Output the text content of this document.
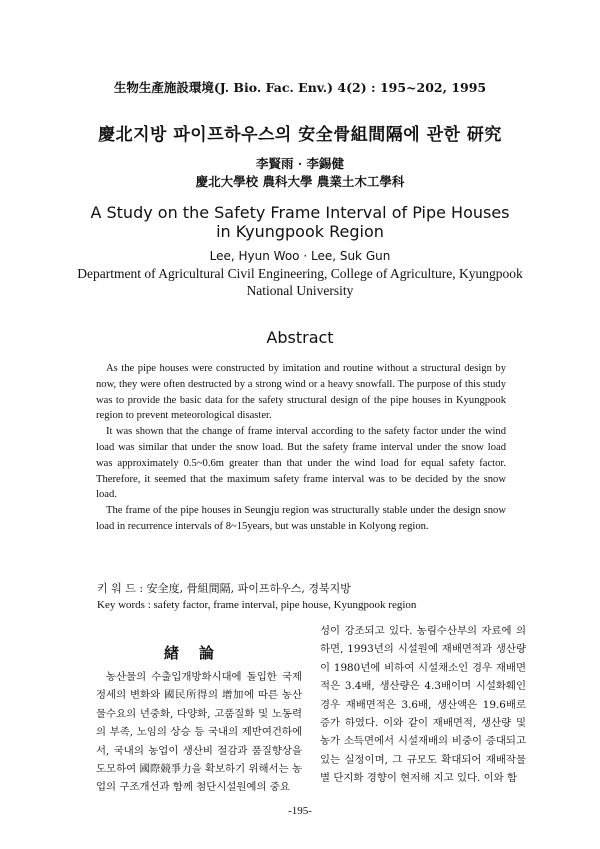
生物生產施設環境(J. Bio. Fac. Env.) 4(2) : 195~202, 1995
慶北지방 파이프하우스의 安全骨組間隔에 관한 研究
李賢雨 · 李錫健
慶北大學校 農科大學 農業土木工學科
A Study on the Safety Frame Interval of Pipe Houses
in Kyungpook Region
Lee, Hyun Woo · Lee, Suk Gun
Department of Agricultural Civil Engineering, College of Agriculture, Kyungpook National University
Abstract

As the pipe houses were constructed by imitation and routine without a structural design by now, they were often destructed by a strong wind or a heavy snowfall. The purpose of this study was to provide the basic data for the safety structural design of the pipe houses in Kyungpook region to prevent meteorological disaster.

It was shown that the change of frame interval according to the safety factor under the wind load was similar that under the snow load. But the safety frame interval under the snow load was approximately 0.5~0.6m greater than that under the wind load for equal safety factor. Therefore, it seemed that the maximum safety frame interval was to be decided by the snow load.

The frame of the pipe houses in Seungju region was structurally stable under the design snow load in recurrence intervals of 8~15years, but was unstable in Kolyong region.

키 워 드 : 安全度, 骨組間隔, 파이프하우스, 경북지방
Key words : safety factor, frame interval, pipe house, Kyungpook region
緖論
농산물의 수출입개방화시대에 돌입한 국제 정세의 변화와 國民所得의 增加에 따른 농산물수요의 년중화, 다양화, 고품질화 및 노동력의 부족, 노임의 상승 등 국내의 제반여건하에서, 국내의 농업이 생산비 절감과 품질향상을 도모하여 國際競爭力을 확보하기 위해서는 농업의 구조개선과 함께 첨단시설원예의 중요
성이 강조되고 있다. 농림수산부의 자료에 의하면, 1993년의 시설원예 재배면적과 생산량이 1980년에 비하여 시설채소인 경우 재배면적은 3.4배, 생산량은 4.3배이며 시설화훼인 경우 재배면적은 3.6배, 생산액은 19.6배로 증가 하였다. 이와 같이 재배면적, 생산량 및 농가 소득면에서 시설재배의 비중이 증대되고 있는 실정이며, 그 규모도 확대되어 재배작물별 단지화 경향이 현저해 지고 있다. 이와 함
-195-
